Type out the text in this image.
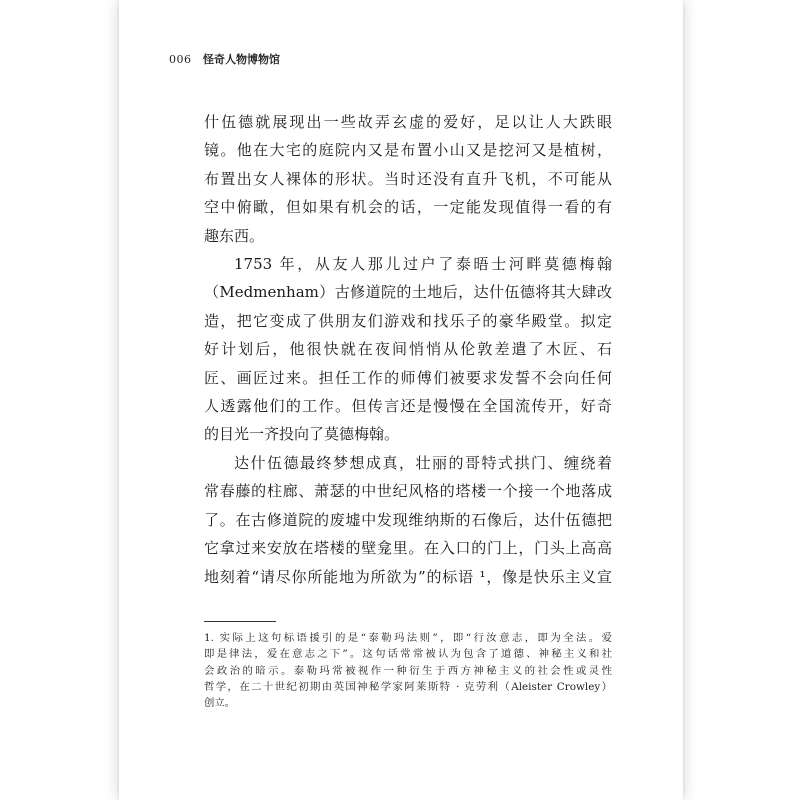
006 怪奇人物博物馆
什伍德就展现出一些故弄玄虚的爱好，足以让人大跌眼
镜。他在大宅的庭院内又是布置小山又是挖河又是植树，
布置出女人裸体的形状。当时还没有直升飞机，不可能从
空中俯瞰，但如果有机会的话，一定能发现值得一看的有
趣东西。
1753 年，从友人那儿过户了泰晤士河畔莫德梅翰
（Medmenham）古修道院的土地后，达什伍德将其大肆改
造，把它变成了供朋友们游戏和找乐子的豪华殿堂。拟定
好计划后，他很快就在夜间悄悄从伦敦差遣了木匠、石
匠、画匠过来。担任工作的师傅们被要求发誓不会向任何
人透露他们的工作。但传言还是慢慢在全国流传开，好奇
的目光一齐投向了莫德梅翰。
达什伍德最终梦想成真，壮丽的哥特式拱门、缠绕着
常春藤的柱廊、萧瑟的中世纪风格的塔楼一个接一个地落成
了。在古修道院的废墟中发现维纳斯的石像后，达什伍德把
它拿过来安放在塔楼的壁龛里。在入口的门上，门头上高高
地刻着“请尽你所能地为所欲为”的标语 ¹，像是快乐主义宣
1. 实际上这句标语援引的是“泰勒玛法则”，即“行汝意志，即为全法。爱
即是律法，爱在意志之下”。这句话常常被认为包含了道德、神秘主义和社
会政治的暗示。泰勒玛常被视作一种衍生于西方神秘主义的社会性或灵性
哲学，在二十世纪初期由英国神秘学家阿莱斯特 · 克劳利（Aleister Crowley）
创立。
